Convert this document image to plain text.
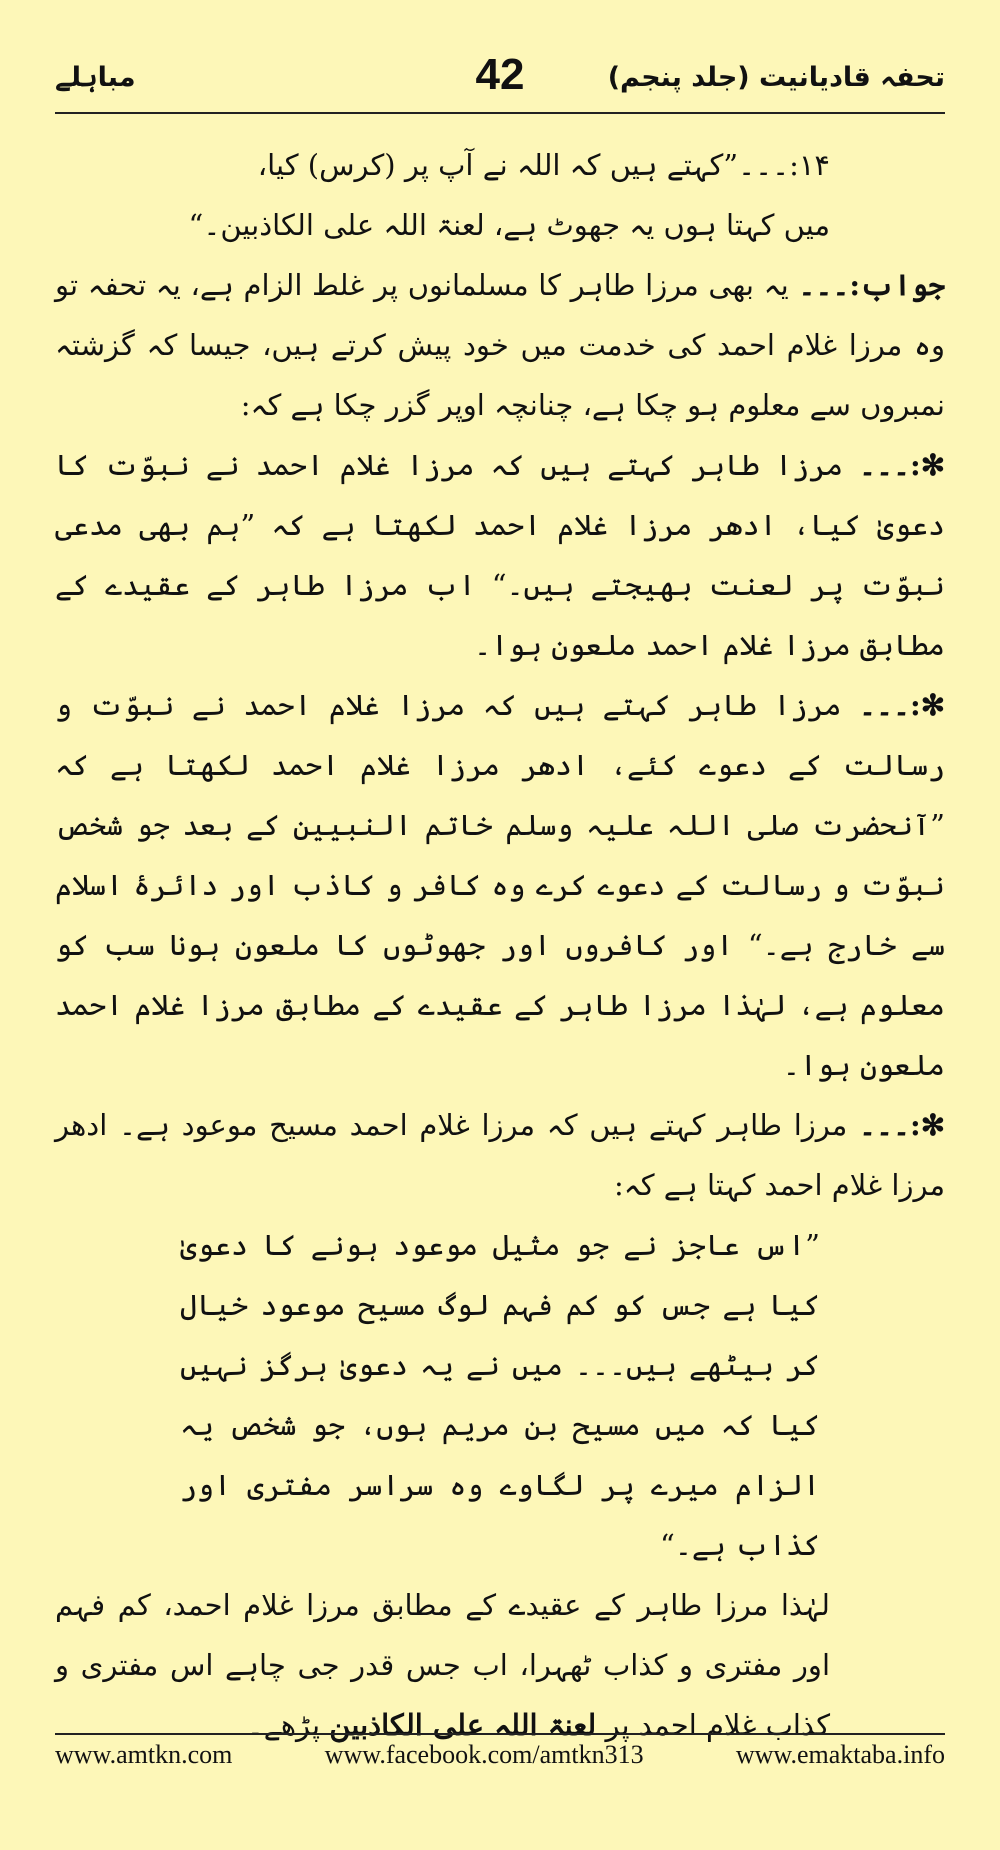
تحفہ قادیانیت (جلد پنجم)
42
مباہلے

۱۴:۔۔۔”کہتے ہیں کہ اللہ نے آپ پر (کرس) کیا،

میں کہتا ہوں یہ جھوٹ ہے، لعنۃ اللہ علی الکاذبین۔“

جواب:۔۔۔ یہ بھی مرزا طاہر کا مسلمانوں پر غلط الزام ہے، یہ تحفہ تو وہ مرزا غلام احمد کی خدمت میں خود پیش کرتے ہیں، جیسا کہ گزشتہ نمبروں سے معلوم ہو چکا ہے، چنانچہ اوپر گزر چکا ہے کہ:

✻:۔۔۔ مرزا طاہر کہتے ہیں کہ مرزا غلام احمد نے نبوّت کا دعویٰ کیا، ادھر مرزا غلام احمد لکھتا ہے کہ ”ہم بھی مدعی نبوّت پر لعنت بھیجتے ہیں۔“ اب مرزا طاہر کے عقیدے کے مطابق مرزا غلام احمد ملعون ہوا۔

✻:۔۔۔ مرزا طاہر کہتے ہیں کہ مرزا غلام احمد نے نبوّت و رسالت کے دعوے کئے، ادھر مرزا غلام احمد لکھتا ہے کہ ”آنحضرت صلی اللہ علیہ وسلم خاتم النبیین کے بعد جو شخص نبوّت و رسالت کے دعوے کرے وہ کافر و کاذب اور دائرۂ اسلام سے خارج ہے۔“ اور کافروں اور جھوٹوں کا ملعون ہونا سب کو معلوم ہے، لہٰذا مرزا طاہر کے عقیدے کے مطابق مرزا غلام احمد ملعون ہوا۔

✻:۔۔۔ مرزا طاہر کہتے ہیں کہ مرزا غلام احمد مسیح موعود ہے۔ ادھر مرزا غلام احمد کہتا ہے کہ:

”اس عاجز نے جو مثیل موعود ہونے کا دعویٰ کیا ہے جس کو کم فہم لوگ مسیح موعود خیال کر بیٹھے ہیں۔۔۔ میں نے یہ دعویٰ ہرگز نہیں کیا کہ میں مسیح بن مریم ہوں، جو شخص یہ الزام میرے پر لگاوے وہ سراسر مفتری اور کذاب ہے۔“

لہٰذا مرزا طاہر کے عقیدے کے مطابق مرزا غلام احمد، کم فہم اور مفتری و کذاب ٹھہرا، اب جس قدر جی چاہے اس مفتری و کذاب غلام احمد پر لعنۃ اللہ علی الکاذبین پڑھے۔

www.amtkn.com	www.facebook.com/amtkn313	www.emaktaba.info
